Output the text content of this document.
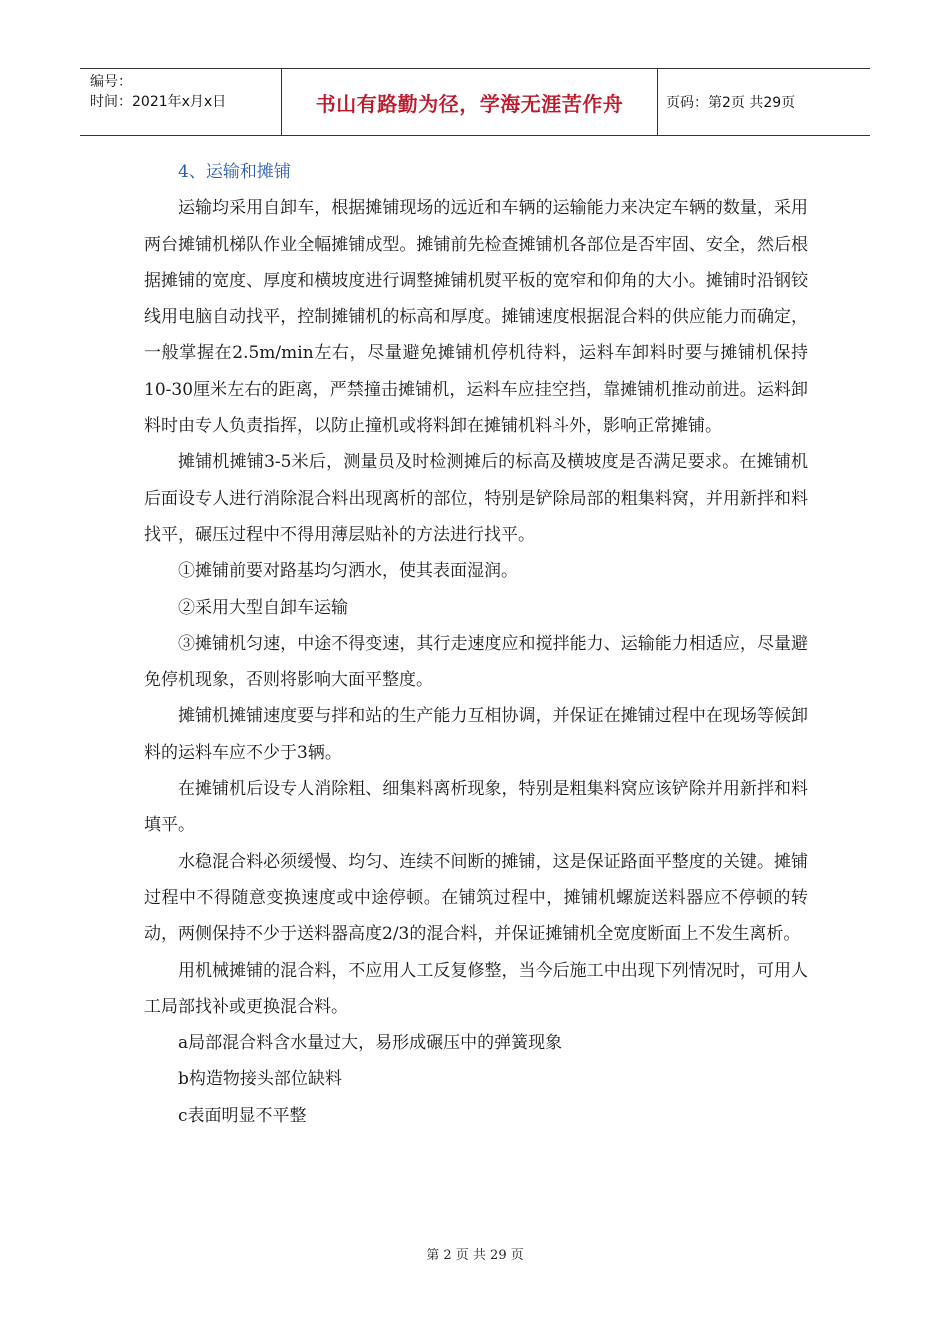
编号：
时间：2021年x月x日	书山有路勤为径，学海无涯苦作舟	页码：第2页 共29页

4、运输和摊铺

运输均采用自卸车，根据摊铺现场的远近和车辆的运输能力来决定车辆的数量，采用两台摊铺机梯队作业全幅摊铺成型。摊铺前先检查摊铺机各部位是否牢固、安全，然后根据摊铺的宽度、厚度和横坡度进行调整摊铺机熨平板的宽窄和仰角的大小。摊铺时沿钢铰线用电脑自动找平，控制摊铺机的标高和厚度。摊铺速度根据混合料的供应能力而确定，一般掌握在2.5m/min左右，尽量避免摊铺机停机待料，运料车卸料时要与摊铺机保持10-30厘米左右的距离，严禁撞击摊铺机，运料车应挂空挡，靠摊铺机推动前进。运料卸料时由专人负责指挥，以防止撞机或将料卸在摊铺机料斗外，影响正常摊铺。

摊铺机摊铺3-5米后，测量员及时检测摊后的标高及横坡度是否满足要求。在摊铺机后面设专人进行消除混合料出现离析的部位，特别是铲除局部的粗集料窝，并用新拌和料找平，碾压过程中不得用薄层贴补的方法进行找平。

①摊铺前要对路基均匀洒水，使其表面湿润。

②采用大型自卸车运输

③摊铺机匀速，中途不得变速，其行走速度应和搅拌能力、运输能力相适应，尽量避免停机现象，否则将影响大面平整度。

摊铺机摊铺速度要与拌和站的生产能力互相协调，并保证在摊铺过程中在现场等候卸料的运料车应不少于3辆。

在摊铺机后设专人消除粗、细集料离析现象，特别是粗集料窝应该铲除并用新拌和料填平。

水稳混合料必须缓慢、均匀、连续不间断的摊铺，这是保证路面平整度的关键。摊铺过程中不得随意变换速度或中途停顿。在铺筑过程中，摊铺机螺旋送料器应不停顿的转动，两侧保持不少于送料器高度2/3的混合料，并保证摊铺机全宽度断面上不发生离析。

用机械摊铺的混合料，不应用人工反复修整，当今后施工中出现下列情况时，可用人工局部找补或更换混合料。

a局部混合料含水量过大，易形成碾压中的弹簧现象

b构造物接头部位缺料

c表面明显不平整

第 2 页 共 29 页
